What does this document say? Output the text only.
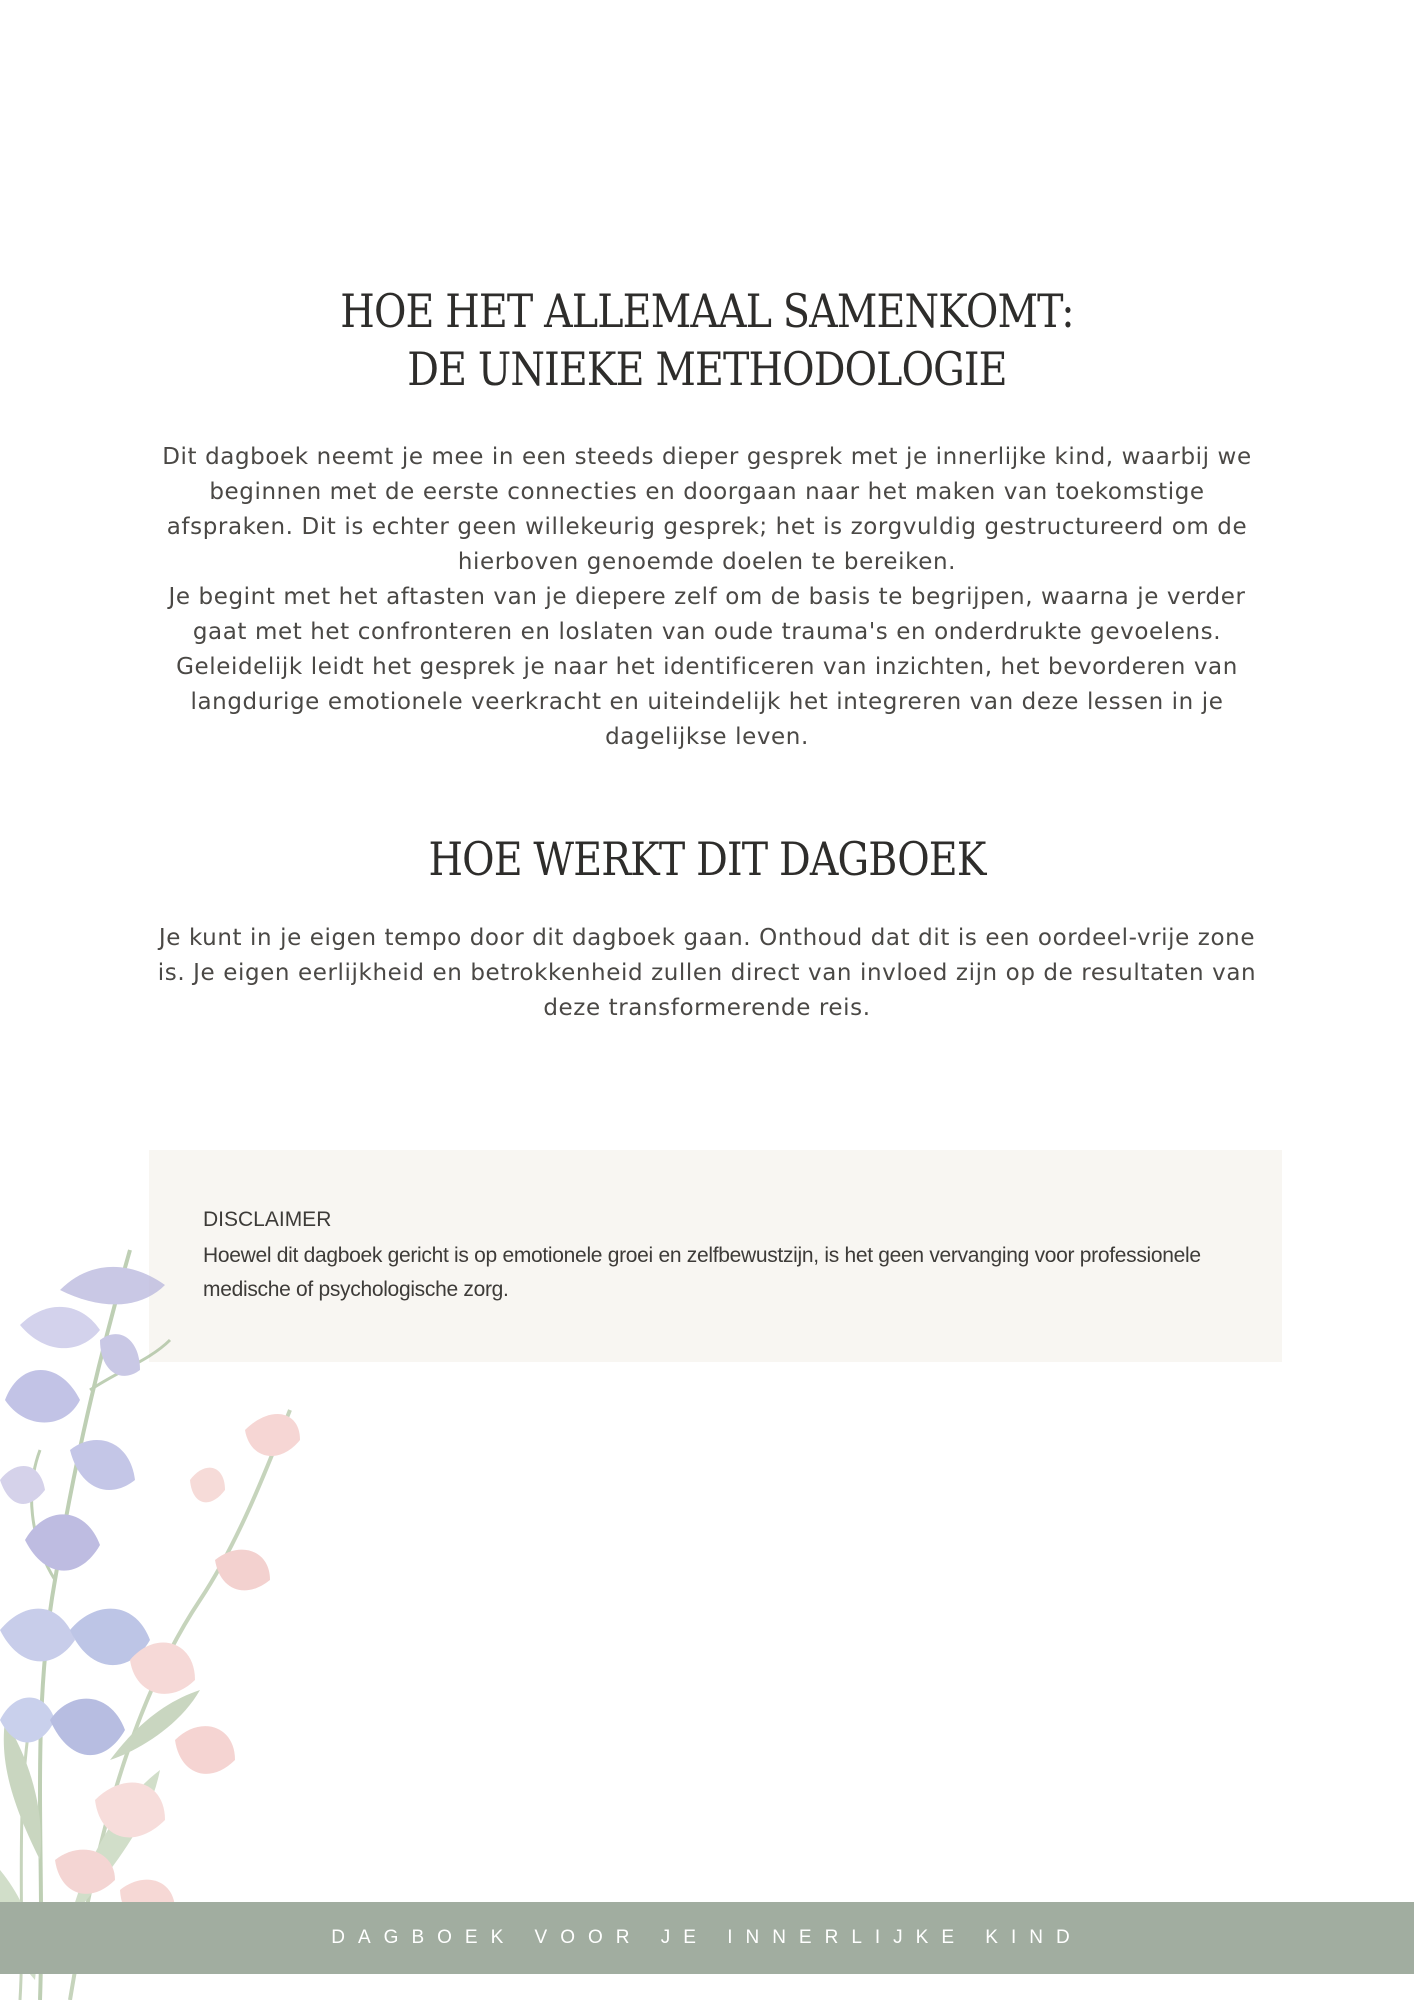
HOE HET ALLEMAAL SAMENKOMT:
DE UNIEKE METHODOLOGIE

Dit dagboek neemt je mee in een steeds dieper gesprek met je innerlijke kind, waarbij we beginnen met de eerste connecties en doorgaan naar het maken van toekomstige afspraken. Dit is echter geen willekeurig gesprek; het is zorgvuldig gestructureerd om de hierboven genoemde doelen te bereiken.

Je begint met het aftasten van je diepere zelf om de basis te begrijpen, waarna je verder gaat met het confronteren en loslaten van oude trauma's en onderdrukte gevoelens. Geleidelijk leidt het gesprek je naar het identificeren van inzichten, het bevorderen van langdurige emotionele veerkracht en uiteindelijk het integreren van deze lessen in je dagelijkse leven.

HOE WERKT DIT DAGBOEK

Je kunt in je eigen tempo door dit dagboek gaan. Onthoud dat dit is een oordeel-vrije zone is. Je eigen eerlijkheid en betrokkenheid zullen direct van invloed zijn op de resultaten van deze transformerende reis.

DISCLAIMER
Hoewel dit dagboek gericht is op emotionele groei en zelfbewustzijn, is het geen vervanging voor professionele medische of psychologische zorg.
DAGBOEK VOOR JE INNERLIJKE KIND
